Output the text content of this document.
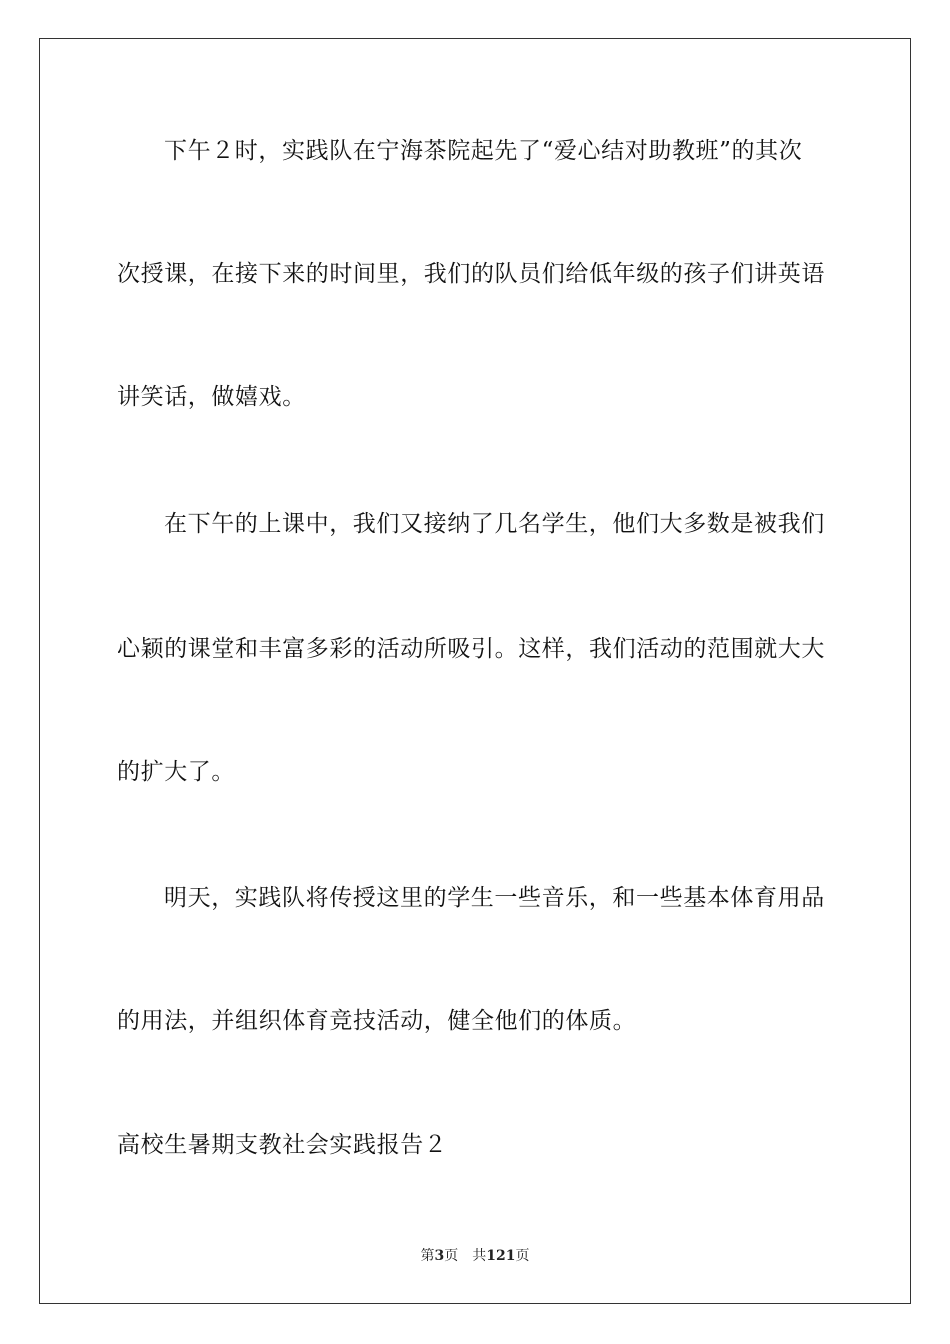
下午２时，实践队在宁海茶院起先了“爱心结对助教班”的其次
次授课，在接下来的时间里，我们的队员们给低年级的孩子们讲英语
讲笑话，做嬉戏。
在下午的上课中，我们又接纳了几名学生，他们大多数是被我们
心颖的课堂和丰富多彩的活动所吸引。这样，我们活动的范围就大大
的扩大了。
明天，实践队将传授这里的学生一些音乐，和一些基本体育用品
的用法，并组织体育竞技活动，健全他们的体质。
高校生暑期支教社会实践报告２
第3页 共121页
